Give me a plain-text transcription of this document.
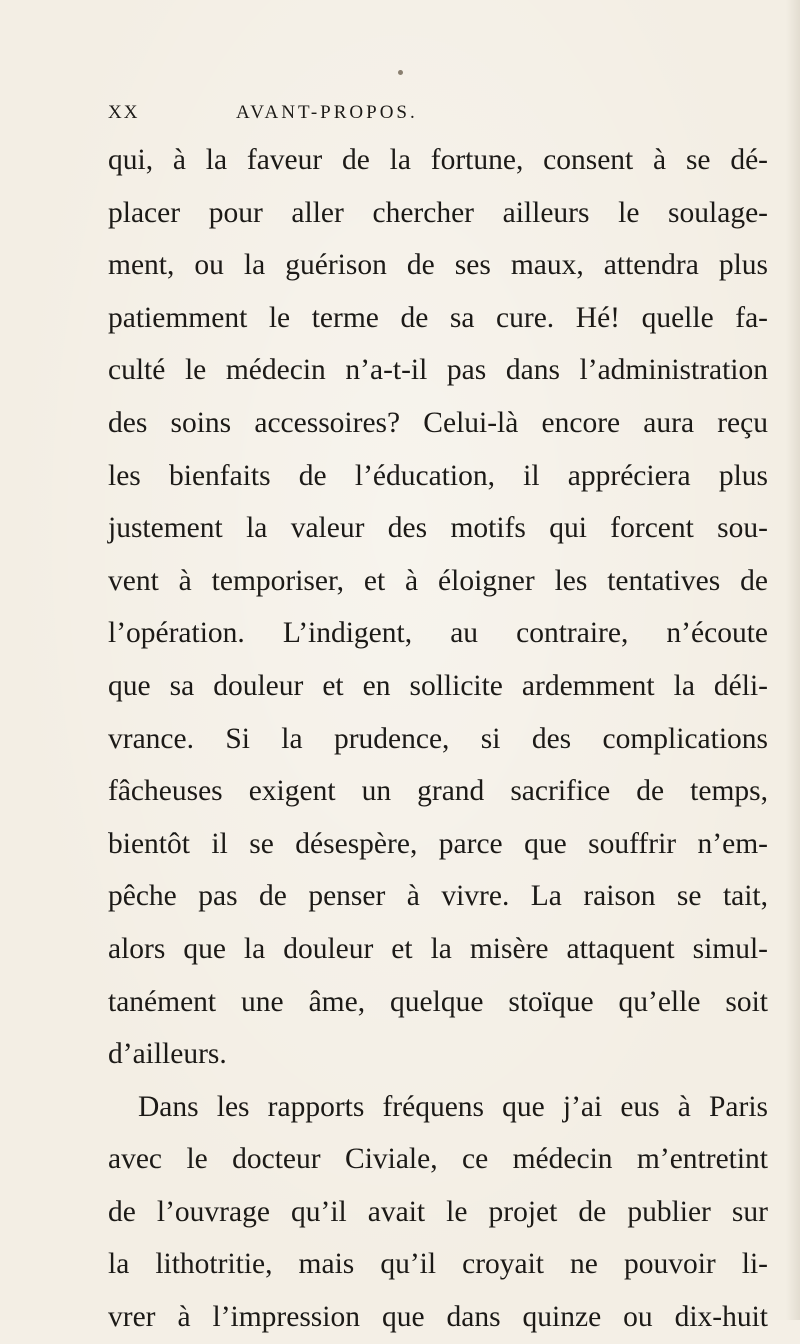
XX	AVANT-PROPOS.
qui, à la faveur de la fortune, consent à se dé-
placer pour aller chercher ailleurs le soulage-
ment, ou la guérison de ses maux, attendra plus
patiemment le terme de sa cure. Hé! quelle fa-
culté le médecin n’a-t-il pas dans l’administration
des soins accessoires? Celui-là encore aura reçu
les bienfaits de l’éducation, il appréciera plus
justement la valeur des motifs qui forcent sou-
vent à temporiser, et à éloigner les tentatives de
l’opération. L’indigent, au contraire, n’écoute
que sa douleur et en sollicite ardemment la déli-
vrance. Si la prudence, si des complications
fâcheuses exigent un grand sacrifice de temps,
bientôt il se désespère, parce que souffrir n’em-
pêche pas de penser à vivre. La raison se tait,
alors que la douleur et la misère attaquent simul-
tanément une âme, quelque stoïque qu’elle soit
d’ailleurs.
Dans les rapports fréquens que j’ai eus à Paris
avec le docteur Civiale, ce médecin m’entretint
de l’ouvrage qu’il avait le projet de publier sur
la lithotritie, mais qu’il croyait ne pouvoir li-
vrer à l’impression que dans quinze ou dix-huit
